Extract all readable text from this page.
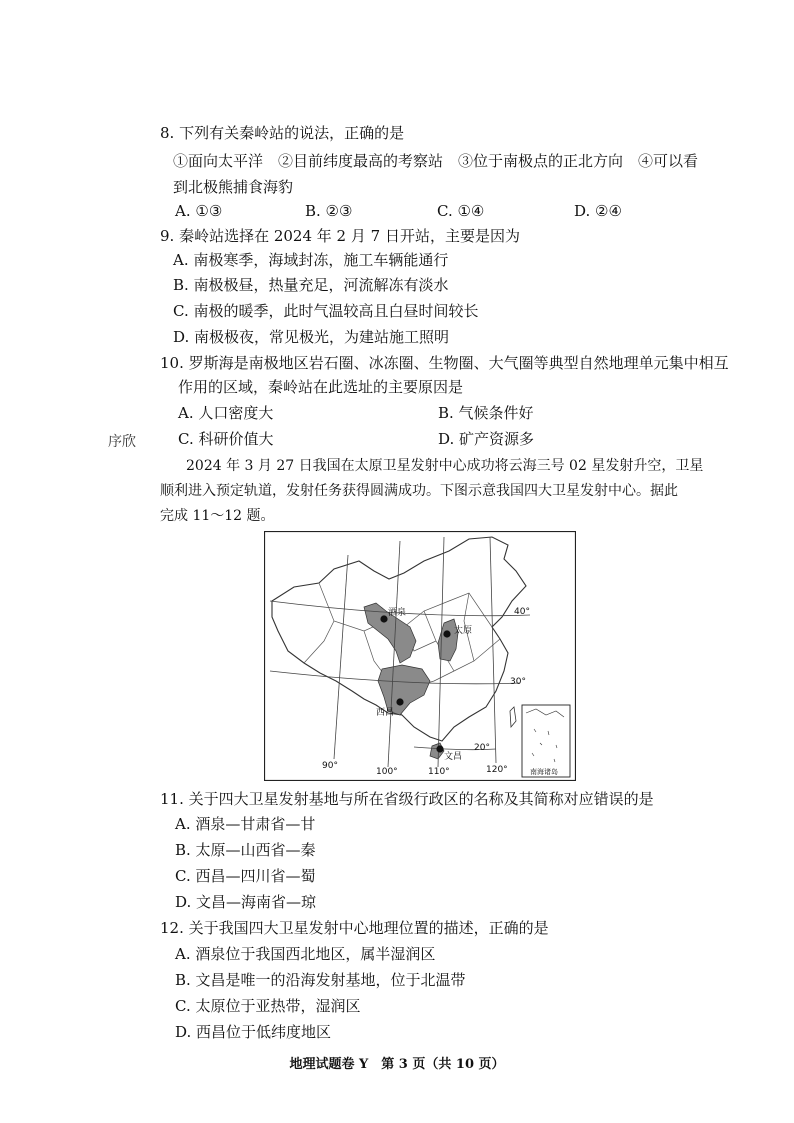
8. 下列有关秦岭站的说法，正确的是
①面向太平洋　②目前纬度最高的考察站　③位于南极点的正北方向　④可以看
到北极熊捕食海豹
A. ①③	B. ②③	C. ①④	D. ②④
9. 秦岭站选择在 2024 年 2 月 7 日开站，主要是因为
A. 南极寒季，海域封冻，施工车辆能通行
B. 南极极昼，热量充足，河流解冻有淡水
C. 南极的暖季，此时气温较高且白昼时间较长
D. 南极极夜，常见极光，为建站施工照明
10. 罗斯海是南极地区岩石圈、冰冻圈、生物圈、大气圈等典型自然地理单元集中相互
作用的区域，秦岭站在此选址的主要原因是
A. 人口密度大	B. 气候条件好
C. 科研价值大	D. 矿产资源多
序欣
2024 年 3 月 27 日我国在太原卫星发射中心成功将云海三号 02 星发射升空，卫星
顺利进入预定轨道，发射任务获得圆满成功。下图示意我国四大卫星发射中心。据此
完成 11～12 题。
酒泉
太原
西昌
文昌
40°
30°
20°
90°
100°	110°	120°	南海诸岛
11. 关于四大卫星发射基地与所在省级行政区的名称及其简称对应错误的是
A. 酒泉—甘肃省—甘
B. 太原—山西省—秦
C. 西昌—四川省—蜀
D. 文昌—海南省—琼
12. 关于我国四大卫星发射中心地理位置的描述，正确的是
A. 酒泉位于我国西北地区，属半湿润区
B. 文昌是唯一的沿海发射基地，位于北温带
C. 太原位于亚热带，湿润区
D. 西昌位于低纬度地区
地理试题卷 Y　第 3 页（共 10 页）
